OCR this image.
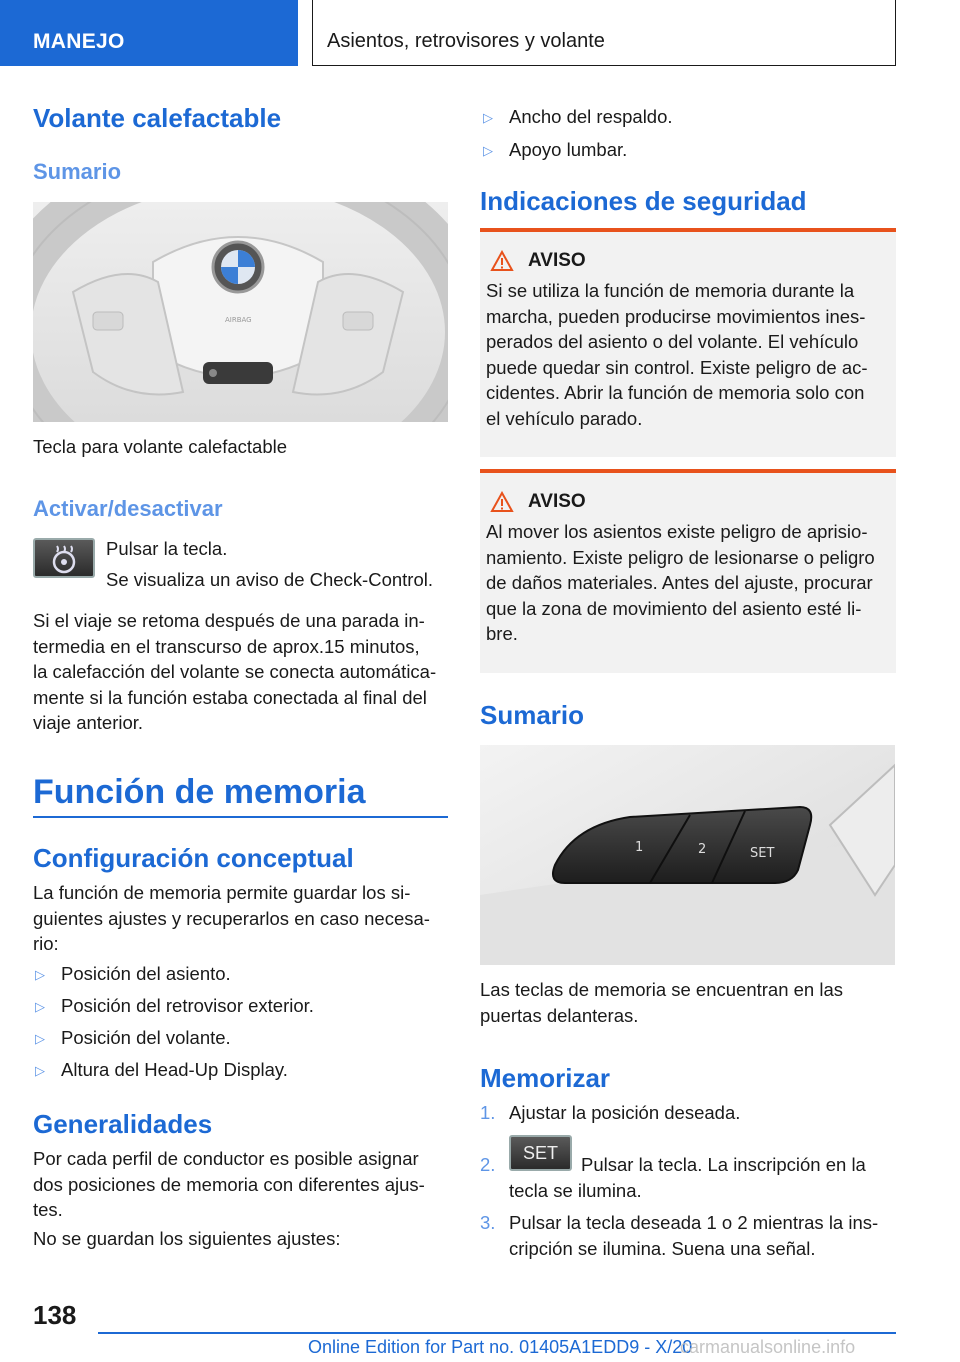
MANEJO	Asientos, retrovisores y volante
Volante calefactable
Sumario
AIRBAG
Tecla para volante calefactable
Activar/desactivar
Pulsar la tecla.
Se visualiza un aviso de Check-Control.
Si el viaje se retoma después de una parada in-
termedia en el transcurso de aprox.15 minutos,
la calefacción del volante se conecta automática-
mente si la función estaba conectada al final del
viaje anterior.
Función de memoria
Configuración conceptual
La función de memoria permite guardar los si-
guientes ajustes y recuperarlos en caso necesa-
rio:
▷ Posición del asiento.
▷ Posición del retrovisor exterior.
▷ Posición del volante.
▷ Altura del Head-Up Display.
Generalidades
Por cada perfil de conductor es posible asignar
dos posiciones de memoria con diferentes ajus-
tes.
No se guardan los siguientes ajustes:
▷ Ancho del respaldo.
▷ Apoyo lumbar.
Indicaciones de seguridad
AVISO
Si se utiliza la función de memoria durante la
marcha, pueden producirse movimientos ines-
perados del asiento o del volante. El vehículo
puede quedar sin control. Existe peligro de ac-
cidentes. Abrir la función de memoria solo con
el vehículo parado.
AVISO
Al mover los asientos existe peligro de aprisio-
namiento. Existe peligro de lesionarse o peligro
de daños materiales. Antes del ajuste, procurar
que la zona de movimiento del asiento esté li-
bre.
Sumario
1	2	SET
Las teclas de memoria se encuentran en las
puertas delanteras.
Memorizar
1. Ajustar la posición deseada.
2.
SET
Pulsar la tecla. La inscripción en la
tecla se ilumina.
3. Pulsar la tecla deseada 1 o 2 mientras la ins-
cripción se ilumina. Suena una señal.
138
Online Edition for Part no. 01405A1EDD9 - X/20
carmanualsonline.info
